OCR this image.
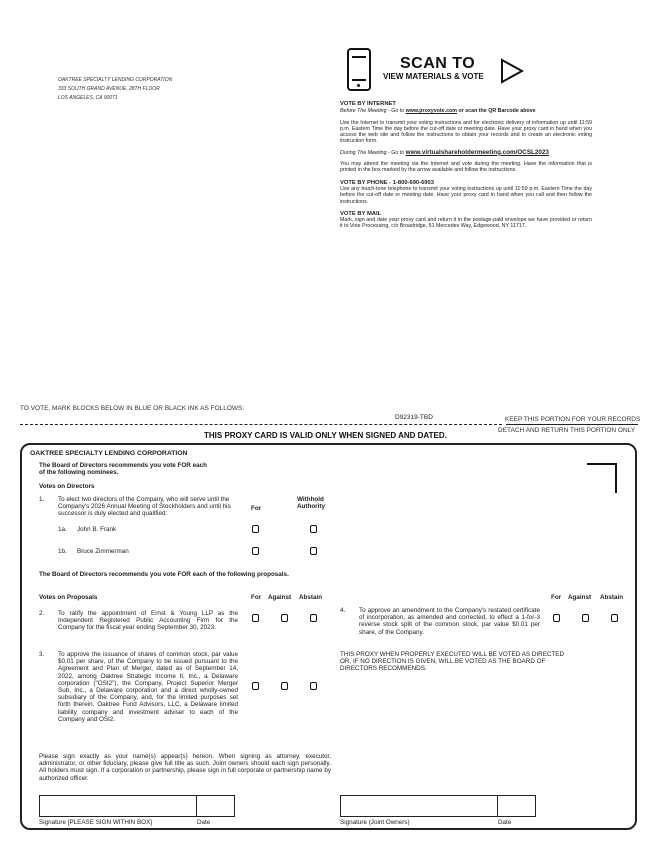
OAKTREE SPECIALTY LENDING CORPORATION
333 SOUTH GRAND AVENUE, 28TH FLOOR
LOS ANGELES, CA 90071
SCAN TO
VIEW MATERIALS & VOTE
VOTE BY INTERNET
Before The Meeting - Go to www.proxyvote.com or scan the QR Barcode above
Use the Internet to transmit your voting instructions and for electronic delivery of information up until 11:59 p.m. Eastern Time the day before the cut-off date or meeting date. Have your proxy card in hand when you access the web site and follow the instructions to obtain your records and to create an electronic voting instruction form.
During The Meeting - Go to www.virtualshareholdermeeting.com/OCSL2023
You may attend the meeting via the Internet and vote during the meeting. Have the information that is printed in the box marked by the arrow available and follow the instructions.
VOTE BY PHONE - 1-800-690-6903
Use any touch-tone telephone to transmit your voting instructions up until 11:59 p.m. Eastern Time the day before the cut-off date or meeting date. Have your proxy card in hand when you call and then follow the instructions.
VOTE BY MAIL
Mark, sign and date your proxy card and return it in the postage-paid envelope we have provided or return it to Vote Processing, c/o Broadridge, 51 Mercedes Way, Edgewood, NY 11717.
TO VOTE, MARK BLOCKS BELOW IN BLUE OR BLACK INK AS FOLLOWS:
D92319-TBD	KEEP THIS PORTION FOR YOUR RECORDS
DETACH AND RETURN THIS PORTION ONLY
THIS PROXY CARD IS VALID ONLY WHEN SIGNED AND DATED.
OAKTREE SPECIALTY LENDING CORPORATION
The Board of Directors recommends you vote FOR each
of the following nominees.
Votes on Directors
1. To elect two directors of the Company, who will serve until the Company's 2026 Annual Meeting of Stockholders and until his successor is duly elected and qualified:
For
Withhold
Authority
1a. John B. Frank
1b. Bruce Zimmerman
The Board of Directors recommends you vote FOR each of the following proposals.
Votes on Proposals	For Against Abstain	For Against Abstain
2. To ratify the appointment of Ernst & Young LLP as the Independent Registered Public Accounting Firm for the Company for the fiscal year ending September 30, 2023.
4. To approve an amendment to the Company's restated certificate of incorporation, as amended and corrected, to effect a 1-for-3 reverse stock split of the common stock, par value $0.01 per share, of the Company.
3. To approve the issuance of shares of common stock, par value $0.01 per share, of the Company to be issued pursuant to the Agreement and Plan of Merger, dated as of September 14, 2022, among Oaktree Strategic Income II, Inc., a Delaware corporation ("OSI2"), the Company, Project Superior Merger Sub, Inc., a Delaware corporation and a direct wholly-owned subsidiary of the Company, and, for the limited purposes set forth therein, Oaktree Fund Advisors, LLC, a Delaware limited liability company and investment adviser to each of the Company and OSI2.
THIS PROXY WHEN PROPERLY EXECUTED WILL BE VOTED AS DIRECTED OR, IF NO DIRECTION IS GIVEN, WILL BE VOTED AS THE BOARD OF DIRECTORS RECOMMENDS.
Please sign exactly as your name(s) appear(s) hereon. When signing as attorney, executor, administrator, or other fiduciary, please give full title as such. Joint owners should each sign personally. All holders must sign. If a corporation or partnership, please sign in full corporate or partnership name by authorized officer.
Signature [PLEASE SIGN WITHIN BOX]	Date	Signature (Joint Owners)	Date
